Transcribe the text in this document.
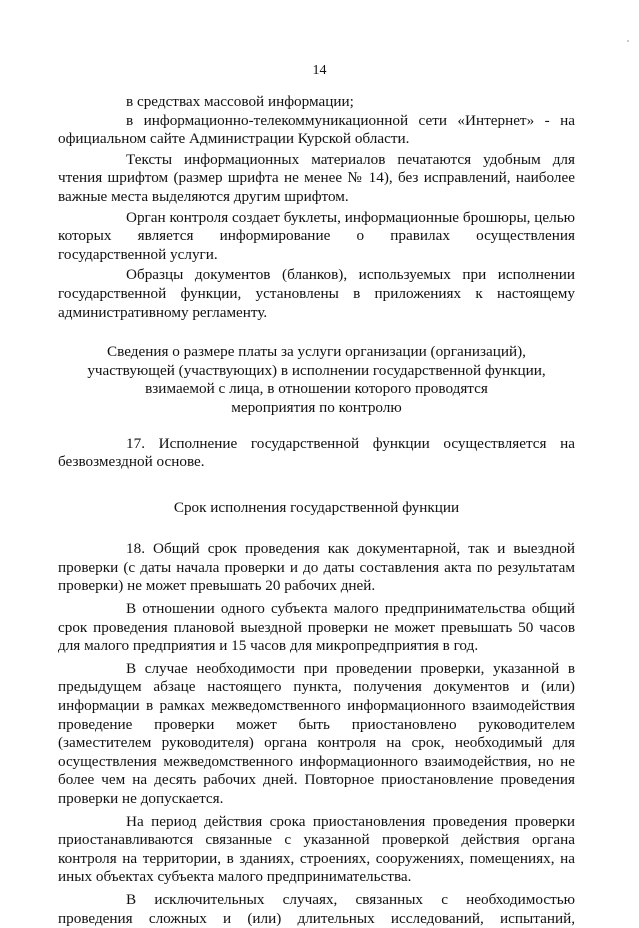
14

в средствах массовой информации;

в информационно-телекоммуникационной сети «Интернет» - на официальном сайте Администрации Курской области.

Тексты информационных материалов печатаются удобным для чтения шрифтом (размер шрифта не менее № 14), без исправлений, наиболее важные места выделяются другим шрифтом.

Орган контроля создает буклеты, информационные брошюры, целью которых является информирование о правилах осуществления государственной услуги.

Образцы документов (бланков), используемых при исполнении государственной функции, установлены в приложениях к настоящему административному регламенту.

Сведения о размере платы за услуги организации (организаций),

участвующей (участвующих) в исполнении государственной функции,

взимаемой с лица, в отношении которого проводятся

мероприятия по контролю

17. Исполнение государственной функции осуществляется на безвозмездной основе.

Срок исполнения государственной функции

18. Общий срок проведения как документарной, так и выездной проверки (с даты начала проверки и до даты составления акта по результатам проверки) не может превышать 20 рабочих дней.

В отношении одного субъекта малого предпринимательства общий срок проведения плановой выездной проверки не может превышать 50 часов для малого предприятия и 15 часов для микропредприятия в год.

В случае необходимости при проведении проверки, указанной в предыдущем абзаце настоящего пункта, получения документов и (или) информации в рамках межведомственного информационного взаимодействия проведение проверки может быть приостановлено руководителем (заместителем руководителя) органа контроля на срок, необходимый для осуществления межведомственного информационного взаимодействия, но не более чем на десять рабочих дней. Повторное приостановление проведения проверки не допускается.

На период действия срока приостановления проведения проверки приостанавливаются связанные с указанной проверкой действия органа контроля на территории, в зданиях, строениях, сооружениях, помещениях, на иных объектах субъекта малого предпринимательства.

В исключительных случаях, связанных с необходимостью проведения сложных и (или) длительных исследований, испытаний,
